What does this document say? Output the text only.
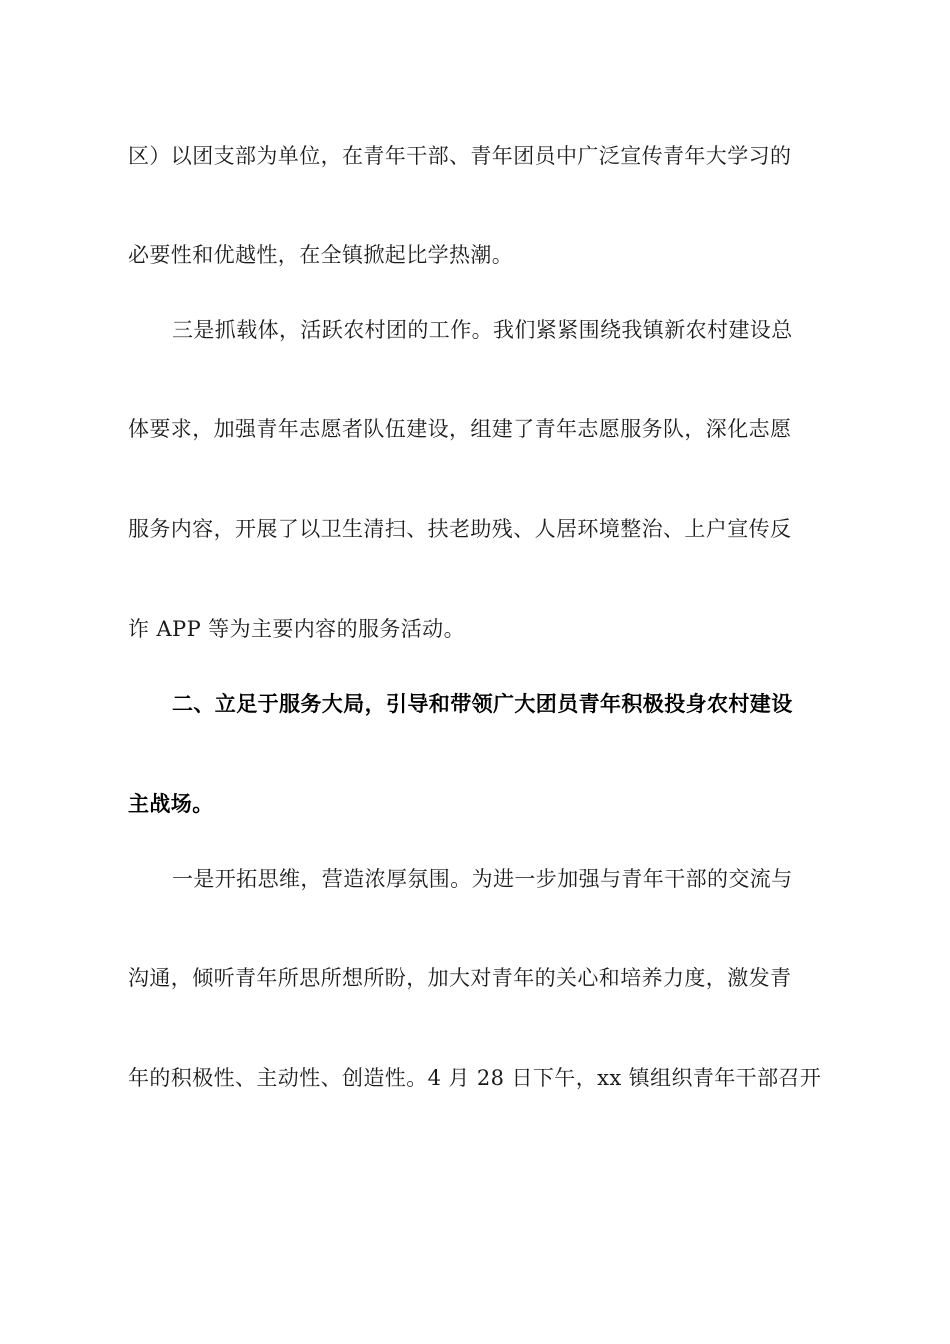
区）以团支部为单位，在青年干部、青年团员中广泛宣传青年大学习的
必要性和优越性，在全镇掀起比学热潮。
三是抓载体，活跃农村团的工作。我们紧紧围绕我镇新农村建设总
体要求，加强青年志愿者队伍建设，组建了青年志愿服务队，深化志愿
服务内容，开展了以卫生清扫、扶老助残、人居环境整治、上户宣传反
诈 APP 等为主要内容的服务活动。
二、立足于服务大局，引导和带领广大团员青年积极投身农村建设
主战场。
一是开拓思维，营造浓厚氛围。为进一步加强与青年干部的交流与
沟通，倾听青年所思所想所盼，加大对青年的关心和培养力度，激发青
年的积极性、主动性、创造性。4 月 28 日下午，xx 镇组织青年干部召开
